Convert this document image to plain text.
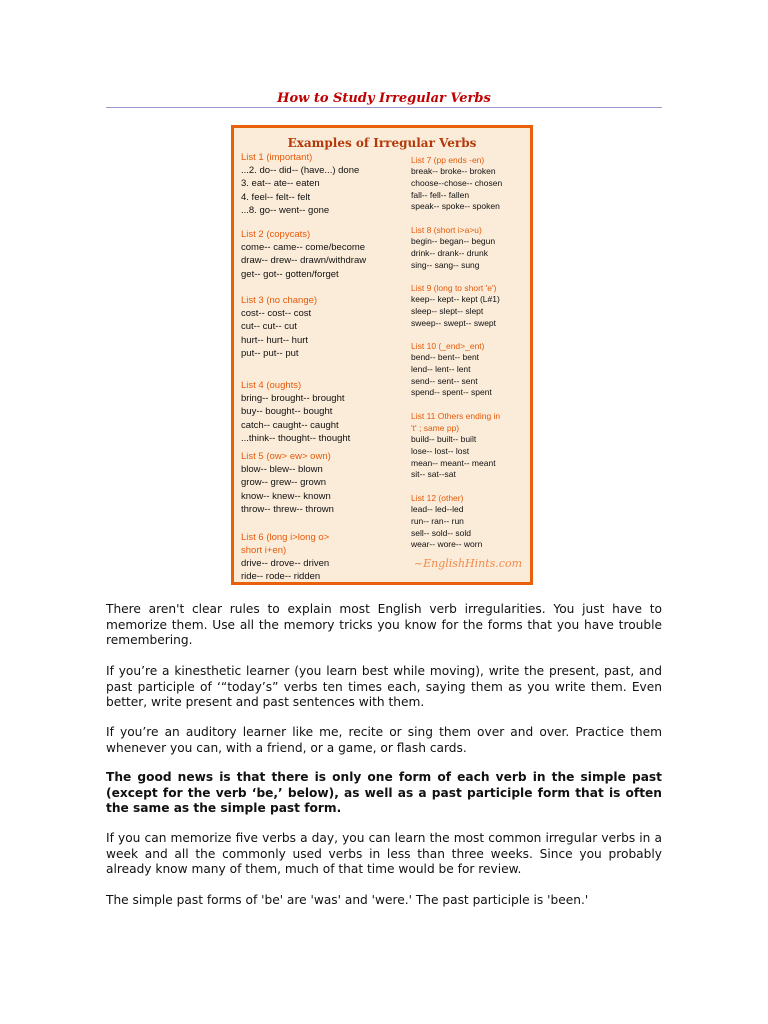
How to Study Irregular Verbs
Examples of Irregular Verbs
List 1 (important)
...2. do-- did-- (have...) done
3. eat-- ate-- eaten
4. feel-- felt-- felt
...8. go-- went-- gone
List 2 (copycats)
come-- came-- come/become
draw-- drew-- drawn/withdraw
get-- got-- gotten/forget
List 3 (no change)
cost-- cost-- cost
cut-- cut-- cut
hurt-- hurt-- hurt
put-- put-- put
List 4 (oughts)
bring-- brought-- brought
buy-- bought-- bought
catch-- caught-- caught
...think-- thought-- thought
List 5 (ow> ew> own)
blow-- blew-- blown
grow-- grew-- grown
know-- knew-- known
throw-- threw-- thrown
List 6 (long i>long o>
short i+en)
drive-- drove-- driven
ride-- rode-- ridden
List 7 (pp ends -en)
break-- broke-- broken
choose--chose-- chosen
fall-- fell-- fallen
speak-- spoke-- spoken
List 8 (short i>a>u)
begin-- began-- begun
drink-- drank-- drunk
sing-- sang-- sung
List 9 (long to short 'e')
keep-- kept-- kept (L#1)
sleep-- slept-- slept
sweep-- swept-- swept
List 10 (_end>_ent)
bend-- bent-- bent
lend-- lent-- lent
send-- sent-- sent
spend-- spent-- spent
List 11 Others ending in
't' ; same pp)
build-- built-- built
lose-- lost-- lost
mean-- meant-- meant
sit-- sat--sat
List 12 (other)
lead-- led--led
run-- ran-- run
sell-- sold-- sold
wear-- wore-- worn
~EnglishHints.com

There aren't clear rules to explain most English verb irregularities. You just have to memorize them. Use all the memory tricks you know for the forms that you have trouble remembering.

If you’re a kinesthetic learner (you learn best while moving), write the present, past, and past participle of ‘“today’s” verbs ten times each, saying them as you write them. Even better, write present and past sentences with them.

If you’re an auditory learner like me, recite or sing them over and over. Practice them whenever you can, with a friend, or a game, or flash cards.

The good news is that there is only one form of each verb in the simple past (except for the verb ‘be,’ below), as well as a past participle form that is often the same as the simple past form.

If you can memorize five verbs a day, you can learn the most common irregular verbs in a week and all the commonly used verbs in less than three weeks. Since you probably already know many of them, much of that time would be for review.

The simple past forms of 'be' are 'was' and 'were.' The past participle is 'been.'
